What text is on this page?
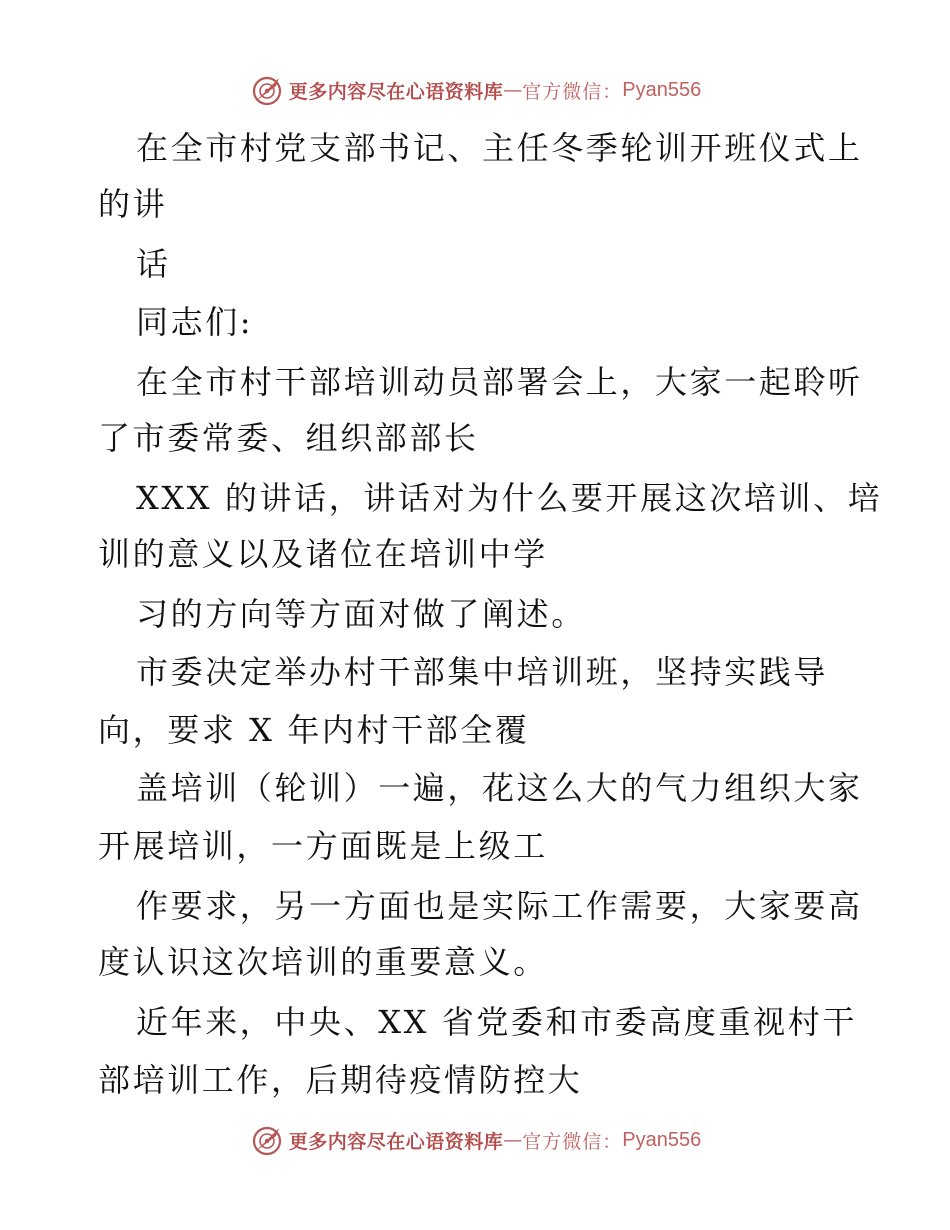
更多内容尽在心语资料库 — 官方微信： Pyan556
在全市村党支部书记、主任冬季轮训开班仪式上
的讲
话
同志们:
在全市村干部培训动员部署会上，大家一起聆听
了市委常委、组织部部长
XXX 的讲话，讲话对为什么要开展这次培训、培
训的意义以及诸位在培训中学
习的方向等方面对做了阐述。
市委决定举办村干部集中培训班，坚持实践导
向，要求 X 年内村干部全覆
盖培训（轮训）一遍，花这么大的气力组织大家
开展培训，一方面既是上级工
作要求，另一方面也是实际工作需要，大家要高
度认识这次培训的重要意义。
近年来，中央、XX 省党委和市委高度重视村干
部培训工作，后期待疫情防控大
更多内容尽在心语资料库 — 官方微信： Pyan556
